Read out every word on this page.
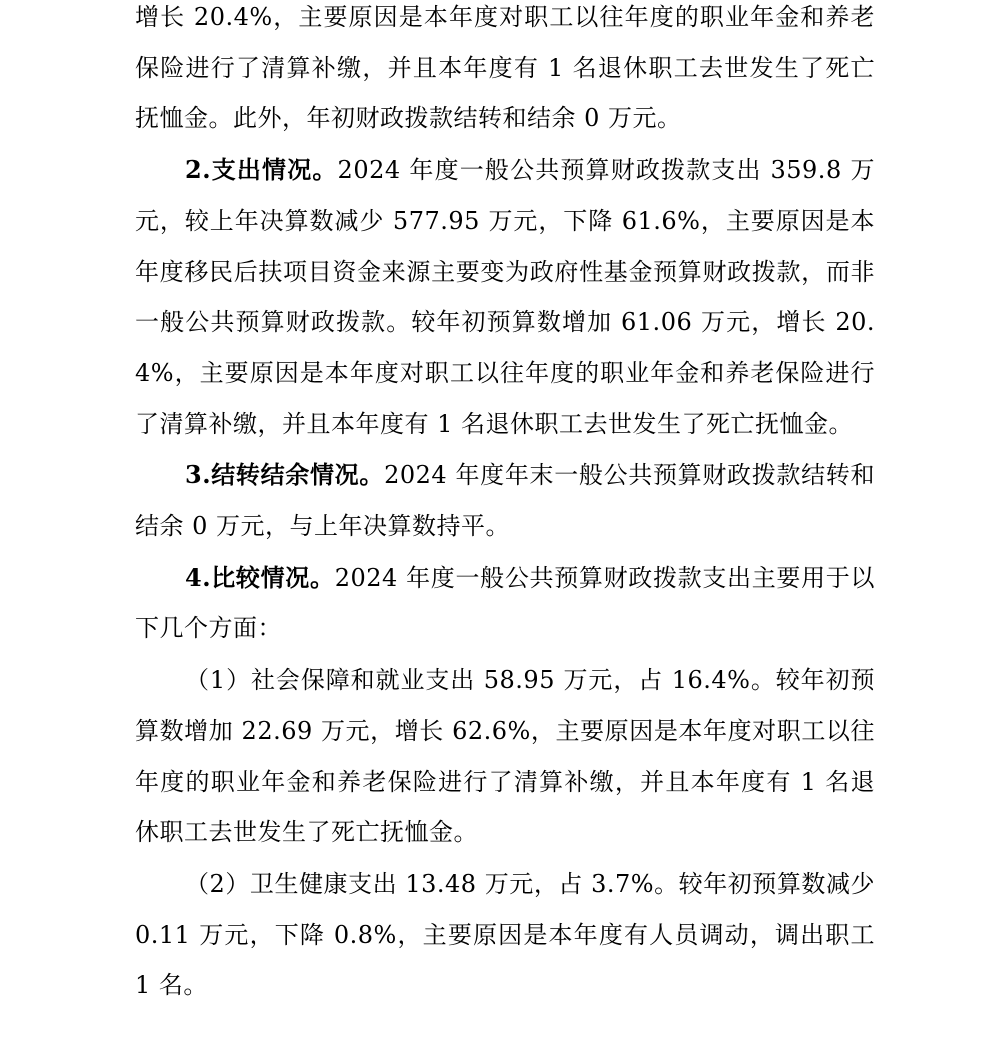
增长 20.4%，主要原因是本年度对职工以往年度的职业年金和养老保险进行了清算补缴，并且本年度有 1 名退休职工去世发生了死亡抚恤金。此外，年初财政拨款结转和结余 0 万元。

2.支出情况。2024 年度一般公共预算财政拨款支出 359.8 万元，较上年决算数减少 577.95 万元，下降 61.6%，主要原因是本年度移民后扶项目资金来源主要变为政府性基金预算财政拨款，而非一般公共预算财政拨款。较年初预算数增加 61.06 万元，增长 20.4%，主要原因是本年度对职工以往年度的职业年金和养老保险进行了清算补缴，并且本年度有 1 名退休职工去世发生了死亡抚恤金。

3.结转结余情况。2024 年度年末一般公共预算财政拨款结转和结余 0 万元，与上年决算数持平。

4.比较情况。2024 年度一般公共预算财政拨款支出主要用于以下几个方面：

（1）社会保障和就业支出 58.95 万元，占 16.4%。较年初预算数增加 22.69 万元，增长 62.6%，主要原因是本年度对职工以往年度的职业年金和养老保险进行了清算补缴，并且本年度有 1 名退休职工去世发生了死亡抚恤金。

（2）卫生健康支出 13.48 万元，占 3.7%。较年初预算数减少 0.11 万元，下降 0.8%，主要原因是本年度有人员调动，调出职工 1 名。
